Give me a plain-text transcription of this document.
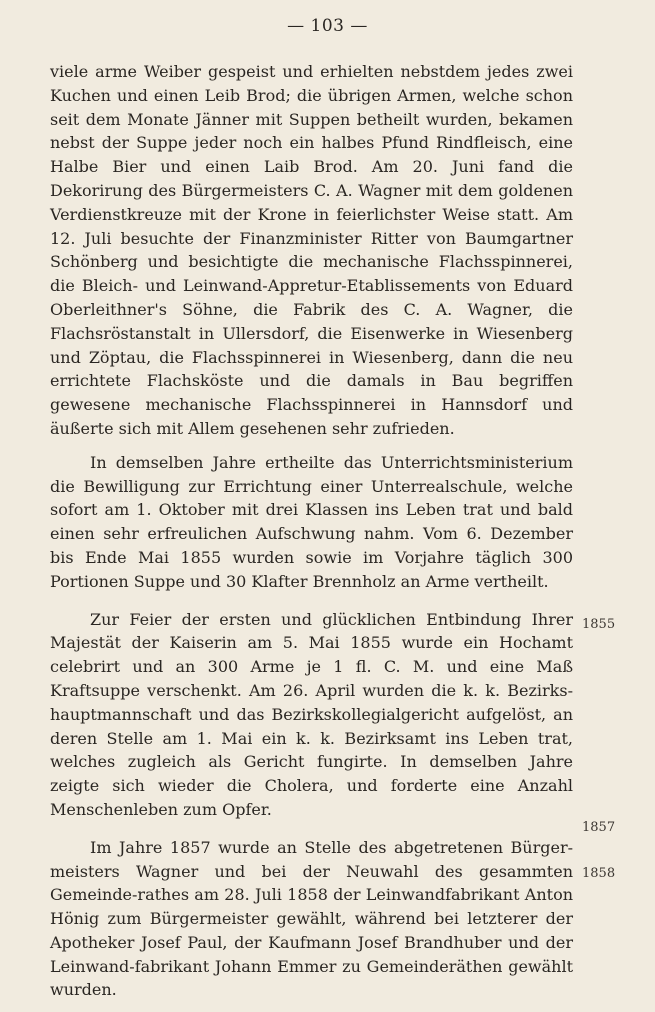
— 103 —

viele arme Weiber gespeist und erhielten nebstdem jedes zwei Kuchen und einen Leib Brod; die übrigen Armen, welche schon seit dem Monate Jänner mit Suppen betheilt wurden, bekamen nebst der Suppe jeder noch ein halbes Pfund Rindfleisch, eine Halbe Bier und einen Laib Brod. Am 20. Juni fand die Dekorirung des Bürgermeisters C. A. Wagner mit dem goldenen Verdienstkreuze mit der Krone in feierlichster Weise statt. Am 12. Juli besuchte der Finanzminister Ritter von Baumgartner Schönberg und besichtigte die mechanische Flachsspinnerei, die Bleich- und Leinwand-Appretur-Etablissements von Eduard Oberleithner's Söhne, die Fabrik des C. A. Wagner, die Flachsröstanstalt in Ullersdorf, die Eisenwerke in Wiesenberg und Zöptau, die Flachsspinnerei in Wiesenberg, dann die neu errichtete Flachsköste und die damals in Bau begriffen gewesene mechanische Flachsspinnerei in Hannsdorf und äußerte sich mit Allem gesehenen sehr zufrieden.

In demselben Jahre ertheilte das Unterrichtsministerium die Bewilligung zur Errichtung einer Unterrealschule, welche sofort am 1. Oktober mit drei Klassen ins Leben trat und bald einen sehr erfreulichen Aufschwung nahm. Vom 6. Dezember bis Ende Mai 1855 wurden sowie im Vorjahre täglich 300 Portionen Suppe und 30 Klafter Brennholz an Arme vertheilt.

Zur Feier der ersten und glücklichen Entbindung Ihrer Majestät der Kaiserin am 5. Mai 1855 wurde ein Hochamt celebrirt und an 300 Arme je 1 fl. C. M. und eine Maß Kraftsuppe verschenkt. Am 26. April wurden die k. k. Bezirks-hauptmannschaft und das Bezirkskollegialgericht aufgelöst, an deren Stelle am 1. Mai ein k. k. Bezirksamt ins Leben trat, welches zugleich als Gericht fungirte. In demselben Jahre zeigte sich wieder die Cholera, und forderte eine Anzahl Menschenleben zum Opfer.

Im Jahre 1857 wurde an Stelle des abgetretenen Bürger-meisters Wagner und bei der Neuwahl des gesammten Gemeinde-rathes am 28. Juli 1858 der Leinwandfabrikant Anton Hönig zum Bürgermeister gewählt, während bei letzterer der Apotheker Josef Paul, der Kaufmann Josef Brandhuber und der Leinwand-fabrikant Johann Emmer zu Gemeinderäthen gewählt wurden.

1855
1857
1858
